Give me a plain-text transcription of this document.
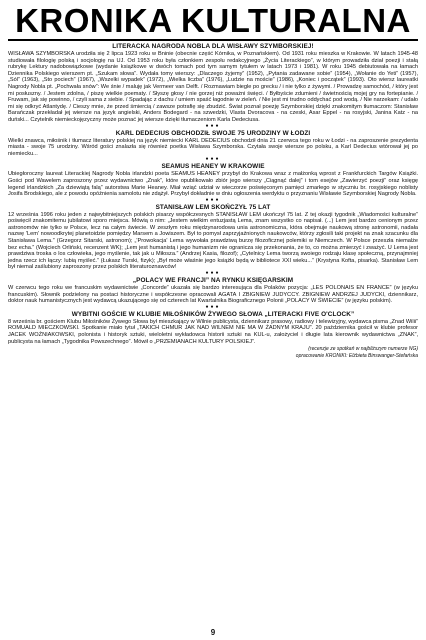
KRONIKA KULTURALNA
LITERACKA NAGRODA NOBLA DLA WISŁAWY SZYMBORSKIEJ!

WISŁAWA SZYMBORSKA urodziła się 2 lipca 1923 roku w Bninie (obecnie część Kórnika, w Poznańskiem). Od 1931 roku mieszka w Krakowie. W latach 1945-48 studiowała filologię polską i socjologię na UJ. Od 1953 roku była członkiem zespołu redakcyjnego „Życia Literackiego”, w którym prowadziła dział poezji i stałą rubrykę Lektury nadobowiązkowe (wydanie książkowe w dwóch tomach pod tym samym tytułem w latach 1973 i 1981). W roku 1945 debiutowała na łamach Dziennika Polskiego wierszem pt. „Szukam słowa”. Wydała tomy wierszy: „Dlaczego żyjemy” (1952), „Pytania zadawane sobie” (1954), „Wołanie do Yeti” (1957), „Sól” (1963), „Sto pociech” (1967), „Wszelki wypadek” (1972), „Wielka liczba” (1976), „Ludzie na moście” (1986), „Koniec i początek” (1993). Oto wiersz laureatki Nagrody Nobla pt. „Pochwała snów”: We śnie / maluję jak Vermeer van Delft. / Rozmawiam biegle po grecku / i nie tylko z żywymi. / Prowadzę samochód, / który jest mi posłuszny. / Jestem zdolna, / piszę wielkie poematy. / Słyszę głosy / nie gorzej niż poważni święci. / Byłbyście zdumieni / świetnością mojej gry na fortepianie. / Fruwam, jak się powinno, / czyli sama z siebie. / Spadając z dachu / umiem spaść łagodnie w zieleń. / Nie jest mi trudno oddychać pod wodą. / Nie narzekam: / udało mi się odkryć Atlantydę. / Cieszy mnie, że przed śmiercią / zawsze potrafię się zbudzić. Świat poznał poezję Szymborskiej dzięki znakomitym tłumaczom: Stanisław Barańczak przekładał jej wiersze na język angielski, Anders Bodegard - na szwedzki, Vlasta Dvoracova - na czeski, Asar Eppel - na rosyjski, Janina Katz - na duński... Czytelnik niemieckojęzyczny może poznać jej wiersze dzięki tłumaczeniom Karla Dedeciusa.

●●●
KARL DEDECIUS OBCHODZIŁ SWOJE 75 URODZINY W ŁODZI

Wielki znawca, miłośnik i tłumacz literatury polskiej na język niemiecki KARL DEDECIUS obchodził dnia 21 czerwca tego roku w Łodzi - na zaproszenie prezydenta miasta - swoje 75 urodziny. Wśród gości znalazła się również poetka Wisława Szymborska. Czytała swoje wiersze po polsku, a Karl Dedecius wtórował jej po niemiecku...

●●●
SEAMUS HEANEY W KRAKOWIE

Ubiegłoroczny laureat Literackiej Nagrody Nobla irlandzki poeta SEAMUS HEANEY przybył do Krakowa wraz z małżonką wprost z Frankfurckich Targów Książki. Gości pod Wawelem zaproszony przez wydawnictwo „Znak”, które opublikowało zbiór jego wierszy „Ciągnąć dalej” i tom esejów „Zawierzyć poezji” oraz księgę legend irlandzkich „Za dziewiątą falą” autorstwa Marie Heaney. Miał wziąć udział w wieczorze poświęconym pamięci zmarłego w styczniu br. rosyjskiego noblisty Josifa Brodskiego, ale z powodu opóźnienia samolotu nie zdążył. Przybył dokładnie w dniu ogłoszenia werdyktu o przyznaniu Wisławie Szymborskiej Nagrody Nobla.

●●●
STANISŁAW LEM SKOŃCZYŁ 75 LAT

12 września 1996 roku jeden z najwybitniejszych polskich pisarzy współczesnych STANISŁAW LEM ukończył 75 lat. Z tej okazji tygodnik „Wiadomości kulturalne” poświęcił znakomitemu jubilatowi sporo miejsca. Mówią o nim: „Jestem wielkim entuzjastą Lema, znam wszystko co napisał. (...) Lem jest bardzo cenionym przez astronomów nie tylko w Polsce, lecz na całym świecie. W zeszłym roku międzynarodowa unia astronomiczna, która obejmuje naukową stronę astronomii, nadała nazwę 'Lem' nowoodkrytej planetoidzie pomiędzy Marsem a Jowiszem. Był to pomysł zaprzyjaźnionych naukowców, którzy zgłosili taki projekt na znak szacunku dla Stanisława Lema.” (Grzegorz Sitarski, astronom); „'Prowokacja' Lema wywołała prawdziwą burzę filozoficznej polemiki w Niemczech. W Polsce przeszła niemalże bez echa.” (Wojciech Orliński, recenzent WK); „Lem jest humanistą i jego humanizm nie ogranicza się przekonania, że to, co można zmierzyć i zważyć. U Lema jest prawdziwa troska o los człowieka, jego myślenie, tak jak u Miłosza.” (Andrzej Kasia, filozof); „Cytelnicy Lema tworzą swoiego rodzaju klasę społeczną, przynajmniej jedna rzecz ich łączy: lubią myśleć.” (Łukasz Turski, fizyk); „Był może właśnie jego książki będą w bibliotece XXI wieku...” (Krystyna Kofta, pisarka). Stanisław Lem był niemal zaślubiony zaproszony przez polskich literaturoznawców!

●●●
„POLACY WE FRANCJI” NA RYNKU KSIĘGARSKIM

W czerwcu tego roku we francuskim wydawnictwie „Concorde” ukazała się bardzo interesująca dla Polaków pozycja: „LES POLONAIS EN FRANCE” (w języku francuskim). Słownik podzielony na postaci historyczne i współczesne opracowali AGATA I ZBIGNIEW JUDYCCY. ZBIGNIEW ANDRZEJ JUDYCKI, dziennikarz, doktor nauk humanistycznych jest wydawcą ukazującego się od czterech lat Kwartalnika Biograficznego Polonii „POLACY W ŚWIECIE” (w języku polskim).

●●●
WYBITNI GOŚCIE W KLUBIE MIŁOŚNIKÓW ŻYWEGO SŁOWA „LITERACKI FIVE O'CLOCK”

8 września br. gościem Klubu Miłośników Żywego Słowa był mieszkający w Wilnie publicysta, dziennikarz prasowy, radiowy i telewizyjny, wydawca pisma „Znad Wilii” ROMUALD MIECZKOWSKI. Spotkanie miało tytuł „TAKICH CHMUR JAK NAD WILNEM NIE MA W ŻADNYM KRAJU”. 20 października gościł w klubie profesor JACEK WOŹNIAKOWSKI, polonista i historyk sztuki, wieloletni wykładowca historii sztuki na KUL-u, założyciel i długie lata kierownik wydawnictwa „ZNAK”, publicysta na łamach „Tygodnika Powszechnego”. Mówił o „PRZEMIANACH KULTURY POLSKIEJ”.

(recenzje ze spotkań w najbliższym numerze NG)
opracowanie KRONIKI: Elżbieta Binswanger-Stefańska
9
